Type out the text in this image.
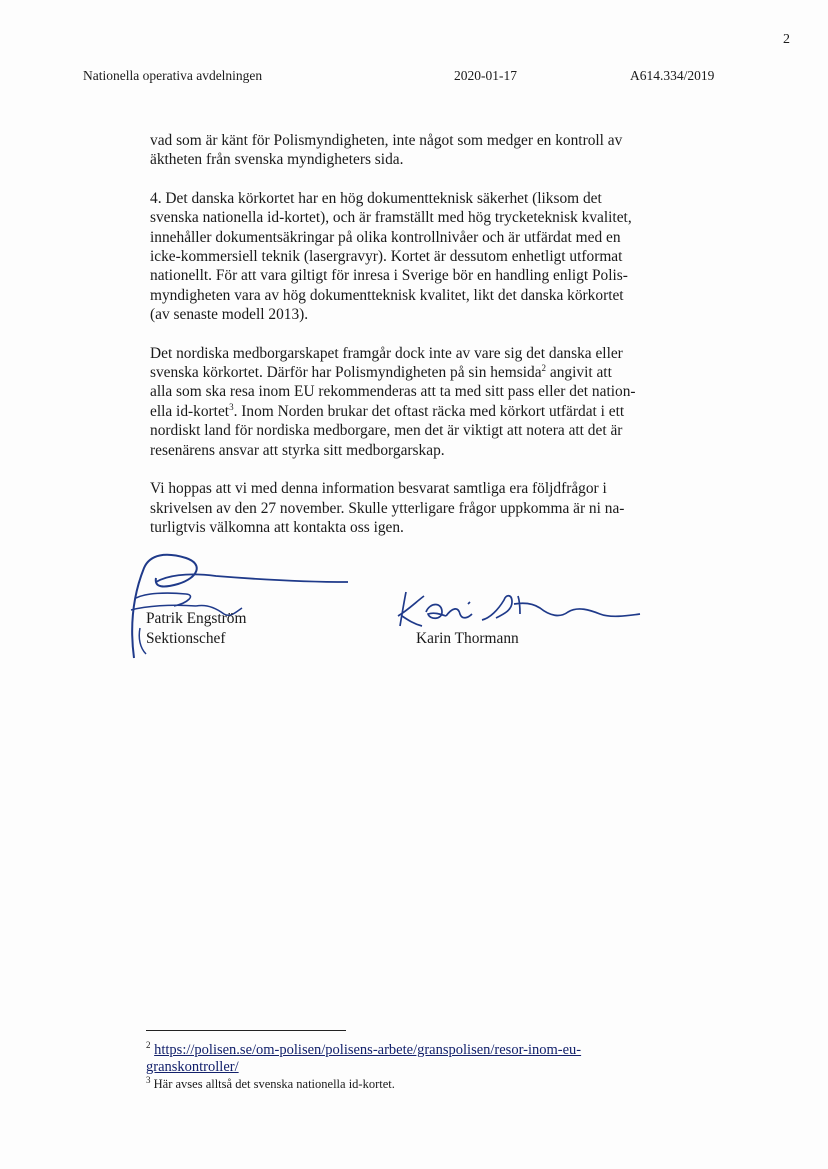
2
Nationella operativa avdelningen	2020-01-17	A614.334/2019

vad som är känt för Polismyndigheten, inte något som medger en kontroll av
äktheten från svenska myndigheters sida.

4. Det danska körkortet har en hög dokumentteknisk säkerhet (liksom det
svenska nationella id-kortet), och är framställt med hög trycketeknisk kvalitet,
innehåller dokumentsäkringar på olika kontrollnivåer och är utfärdat med en
icke-kommersiell teknik (lasergravyr). Kortet är dessutom enhetligt utformat
nationellt. För att vara giltigt för inresa i Sverige bör en handling enligt Polis-
myndigheten vara av hög dokumentteknisk kvalitet, likt det danska körkortet
(av senaste modell 2013).

Det nordiska medborgarskapet framgår dock inte av vare sig det danska eller
svenska körkortet. Därför har Polismyndigheten på sin hemsida$^2$ angivit att
alla som ska resa inom EU rekommenderas att ta med sitt pass eller det nation-
ella id-kortet$^3$. Inom Norden brukar det oftast räcka med körkort utfärdat i ett
nordiskt land för nordiska medborgare, men det är viktigt att notera att det är
resenärens ansvar att styrka sitt medborgarskap.

Vi hoppas att vi med denna information besvarat samtliga era följdfrågor i
skrivelsen av den 27 november. Skulle ytterligare frågor uppkomma är ni na-
turligtvis välkomna att kontakta oss igen.

Patrik Engström
Sektionschef	Karin Thormann
$^2$ https://polisen.se/om-polisen/polisens-arbete/granspolisen/resor-inom-eu-
granskontroller/
$^3$ Här avses alltså det svenska nationella id-kortet.
